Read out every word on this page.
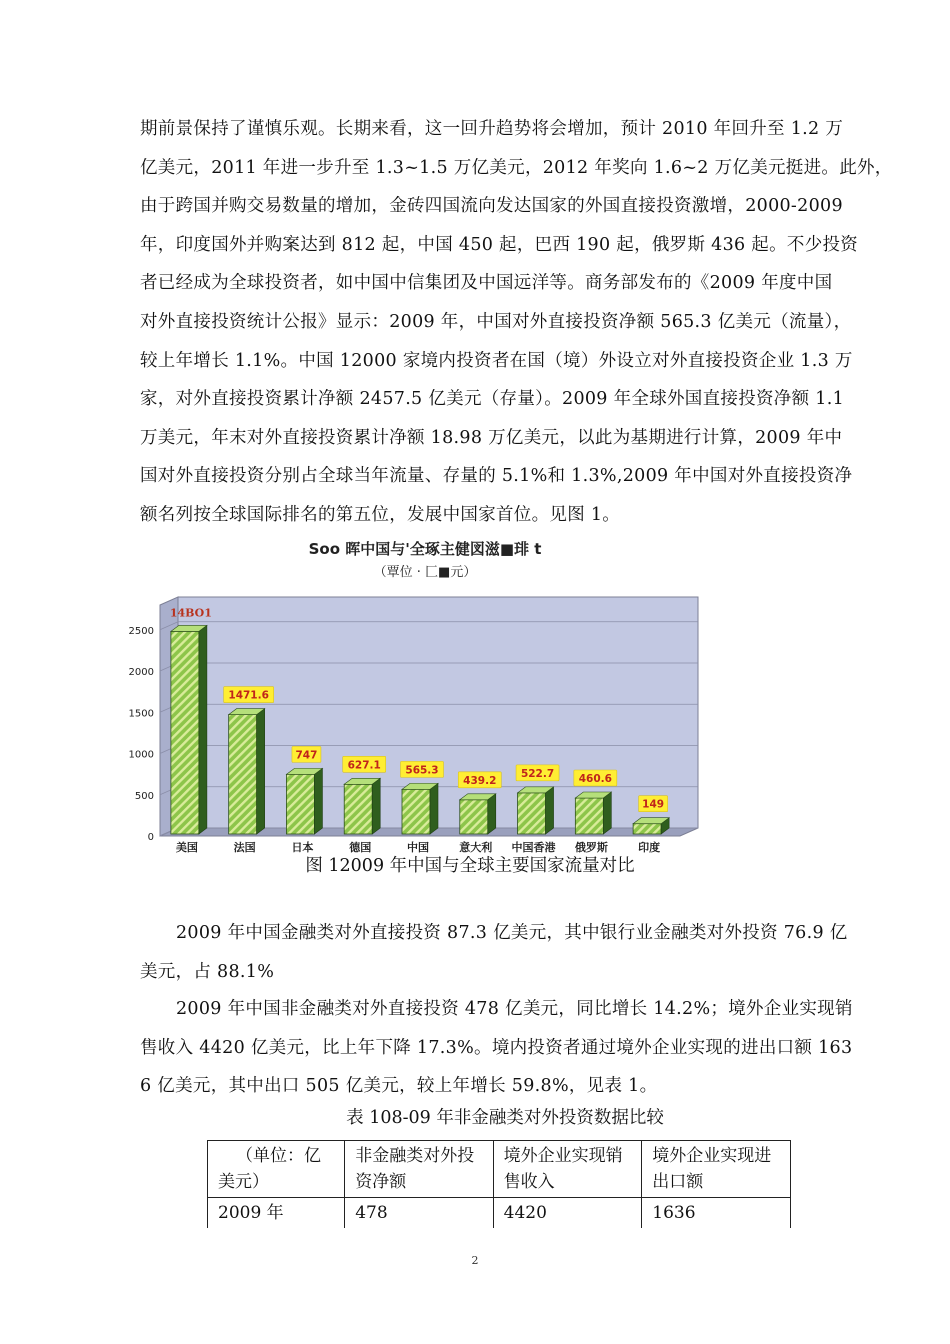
期前景保持了谨慎乐观。长期来看，这一回升趋势将会增加，预计 2010 年回升至 1.2 万
亿美元，2011 年进一步升至 1.3~1.5 万亿美元，2012 年奖向 1.6~2 万亿美元挺进。此外，
由于跨国并购交易数量的增加，金砖四国流向发达国家的外国直接投资激增，2000-2009
年，印度国外并购案达到 812 起，中国 450 起，巴西 190 起，俄罗斯 436 起。不少投资
者已经成为全球投资者，如中国中信集团及中国远洋等。商务部发布的《2009 年度中国
对外直接投资统计公报》显示：2009 年，中国对外直接投资净额 565.3 亿美元（流量），
较上年增长 1.1%。中国 12000 家境内投资者在国（境）外设立对外直接投资企业 1.3 万
家，对外直接投资累计净额 2457.5 亿美元（存量）。2009 年全球外国直接投资净额 1.1
万美元，年末对外直接投资累计净额 18.98 万亿美元，以此为基期进行计算，2009 年中
国对外直接投资分别占全球当年流量、存量的 5.1%和 1.3%,2009 年中国对外直接投资净
额名列按全球国际排名的第五位，发展中国家首位。见图 1。
Soo 晖中国与'全琢主健図滋■琲 t
（覃位 · 匚■元）
0
500
1000
1500
2000
2500
美国	法国	日本	德国	中国	意大利 中国香港 俄罗斯	印度
14BO1
1471.6
747
627.1 565.3
439.2
522.7 460.6
149
图 12009 年中国与全球主要国家流量对比
2009 年中国金融类对外直接投资 87.3 亿美元，其中银行业金融类对外投资 76.9 亿
美元，占 88.1%
2009 年中国非金融类对外直接投资 478 亿美元，同比增长 14.2%；境外企业实现销
售收入 4420 亿美元，比上年下降 17.3%。境内投资者通过境外企业实现的进出口额 163
6 亿美元，其中出口 505 亿美元，较上年增长 59.8%，见表 1。
表 108-09 年非金融类对外投资数据比较
（单位：亿美元）	非金融类对外投资净额	境外企业实现销售收入	境外企业实现进出口额
2009 年	478	4420	1636
2
